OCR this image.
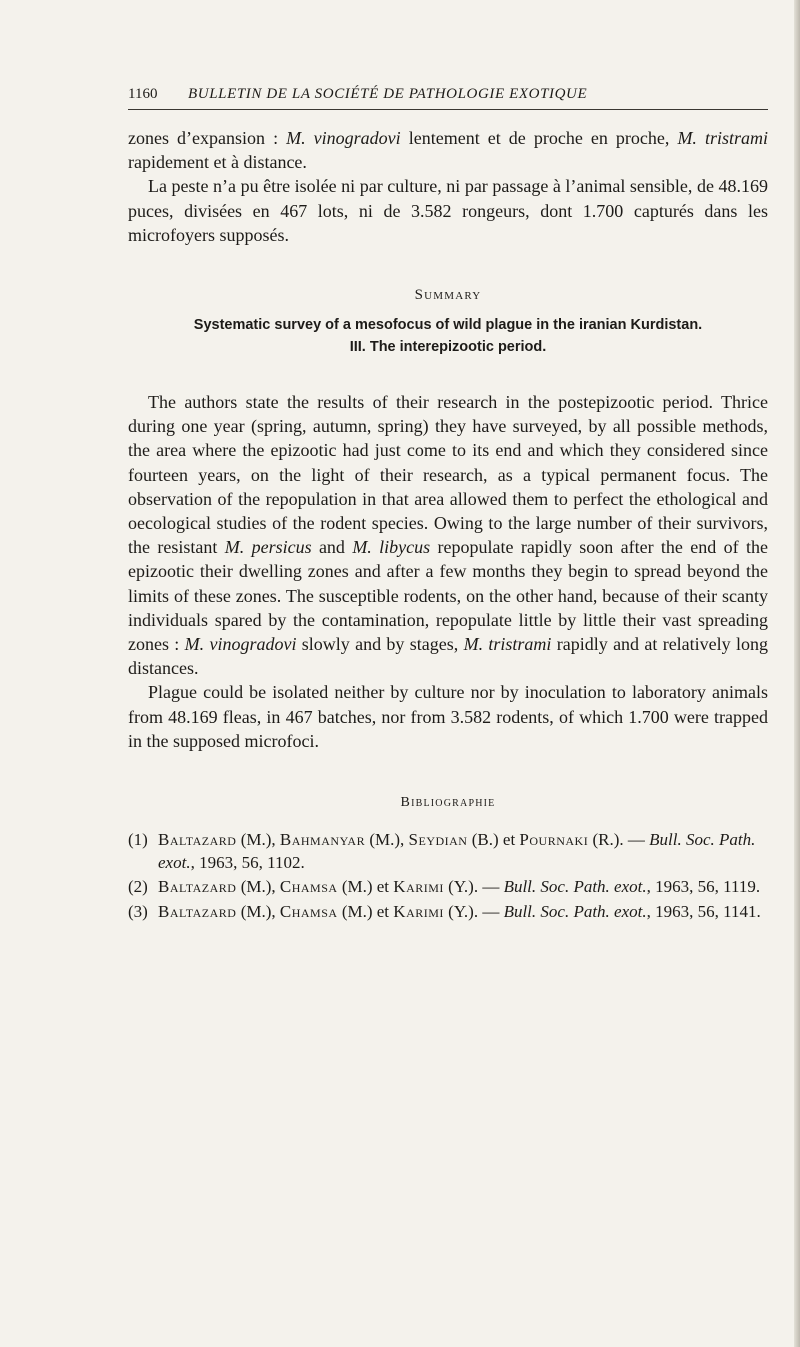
1160	BULLETIN DE LA SOCIÉTÉ DE PATHOLOGIE EXOTIQUE

zones d’expansion : M. vinogradovi lentement et de proche en proche, M. tristrami rapidement et à distance.

La peste n’a pu être isolée ni par culture, ni par passage à l’animal sensible, de 48.169 puces, divisées en 467 lots, ni de 3.582 rongeurs, dont 1.700 capturés dans les microfoyers supposés.

Summary
Systematic survey of a mesofocus of wild plague in the iranian Kurdistan.
III. The interepizootic period.

The authors state the results of their research in the postepizootic period. Thrice during one year (spring, autumn, spring) they have surveyed, by all possible methods, the area where the epizootic had just come to its end and which they considered since fourteen years, on the light of their research, as a typical permanent focus. The observation of the repopulation in that area allowed them to perfect the ethological and oecological studies of the rodent species. Owing to the large number of their survivors, the resistant M. persicus and M. libycus repopulate rapidly soon after the end of the epizootic their dwelling zones and after a few months they begin to spread beyond the limits of these zones. The susceptible rodents, on the other hand, because of their scanty individuals spared by the contamination, repopulate little by little their vast spreading zones : M. vinogradovi slowly and by stages, M. tristrami rapidly and at relatively long distances.

Plague could be isolated neither by culture nor by inoculation to laboratory animals from 48.169 fleas, in 467 batches, nor from 3.582 rodents, of which 1.700 were trapped in the supposed microfoci.

Bibliographie
(1) Baltazard (M.), Bahmanyar (M.), Seydian (B.) et Pournaki (R.). — Bull. Soc. Path. exot., 1963, 56, 1102.
(2) Baltazard (M.), Chamsa (M.) et Karimi (Y.). — Bull. Soc. Path. exot., 1963, 56, 1119.
(3) Baltazard (M.), Chamsa (M.) et Karimi (Y.). — Bull. Soc. Path. exot., 1963, 56, 1141.
